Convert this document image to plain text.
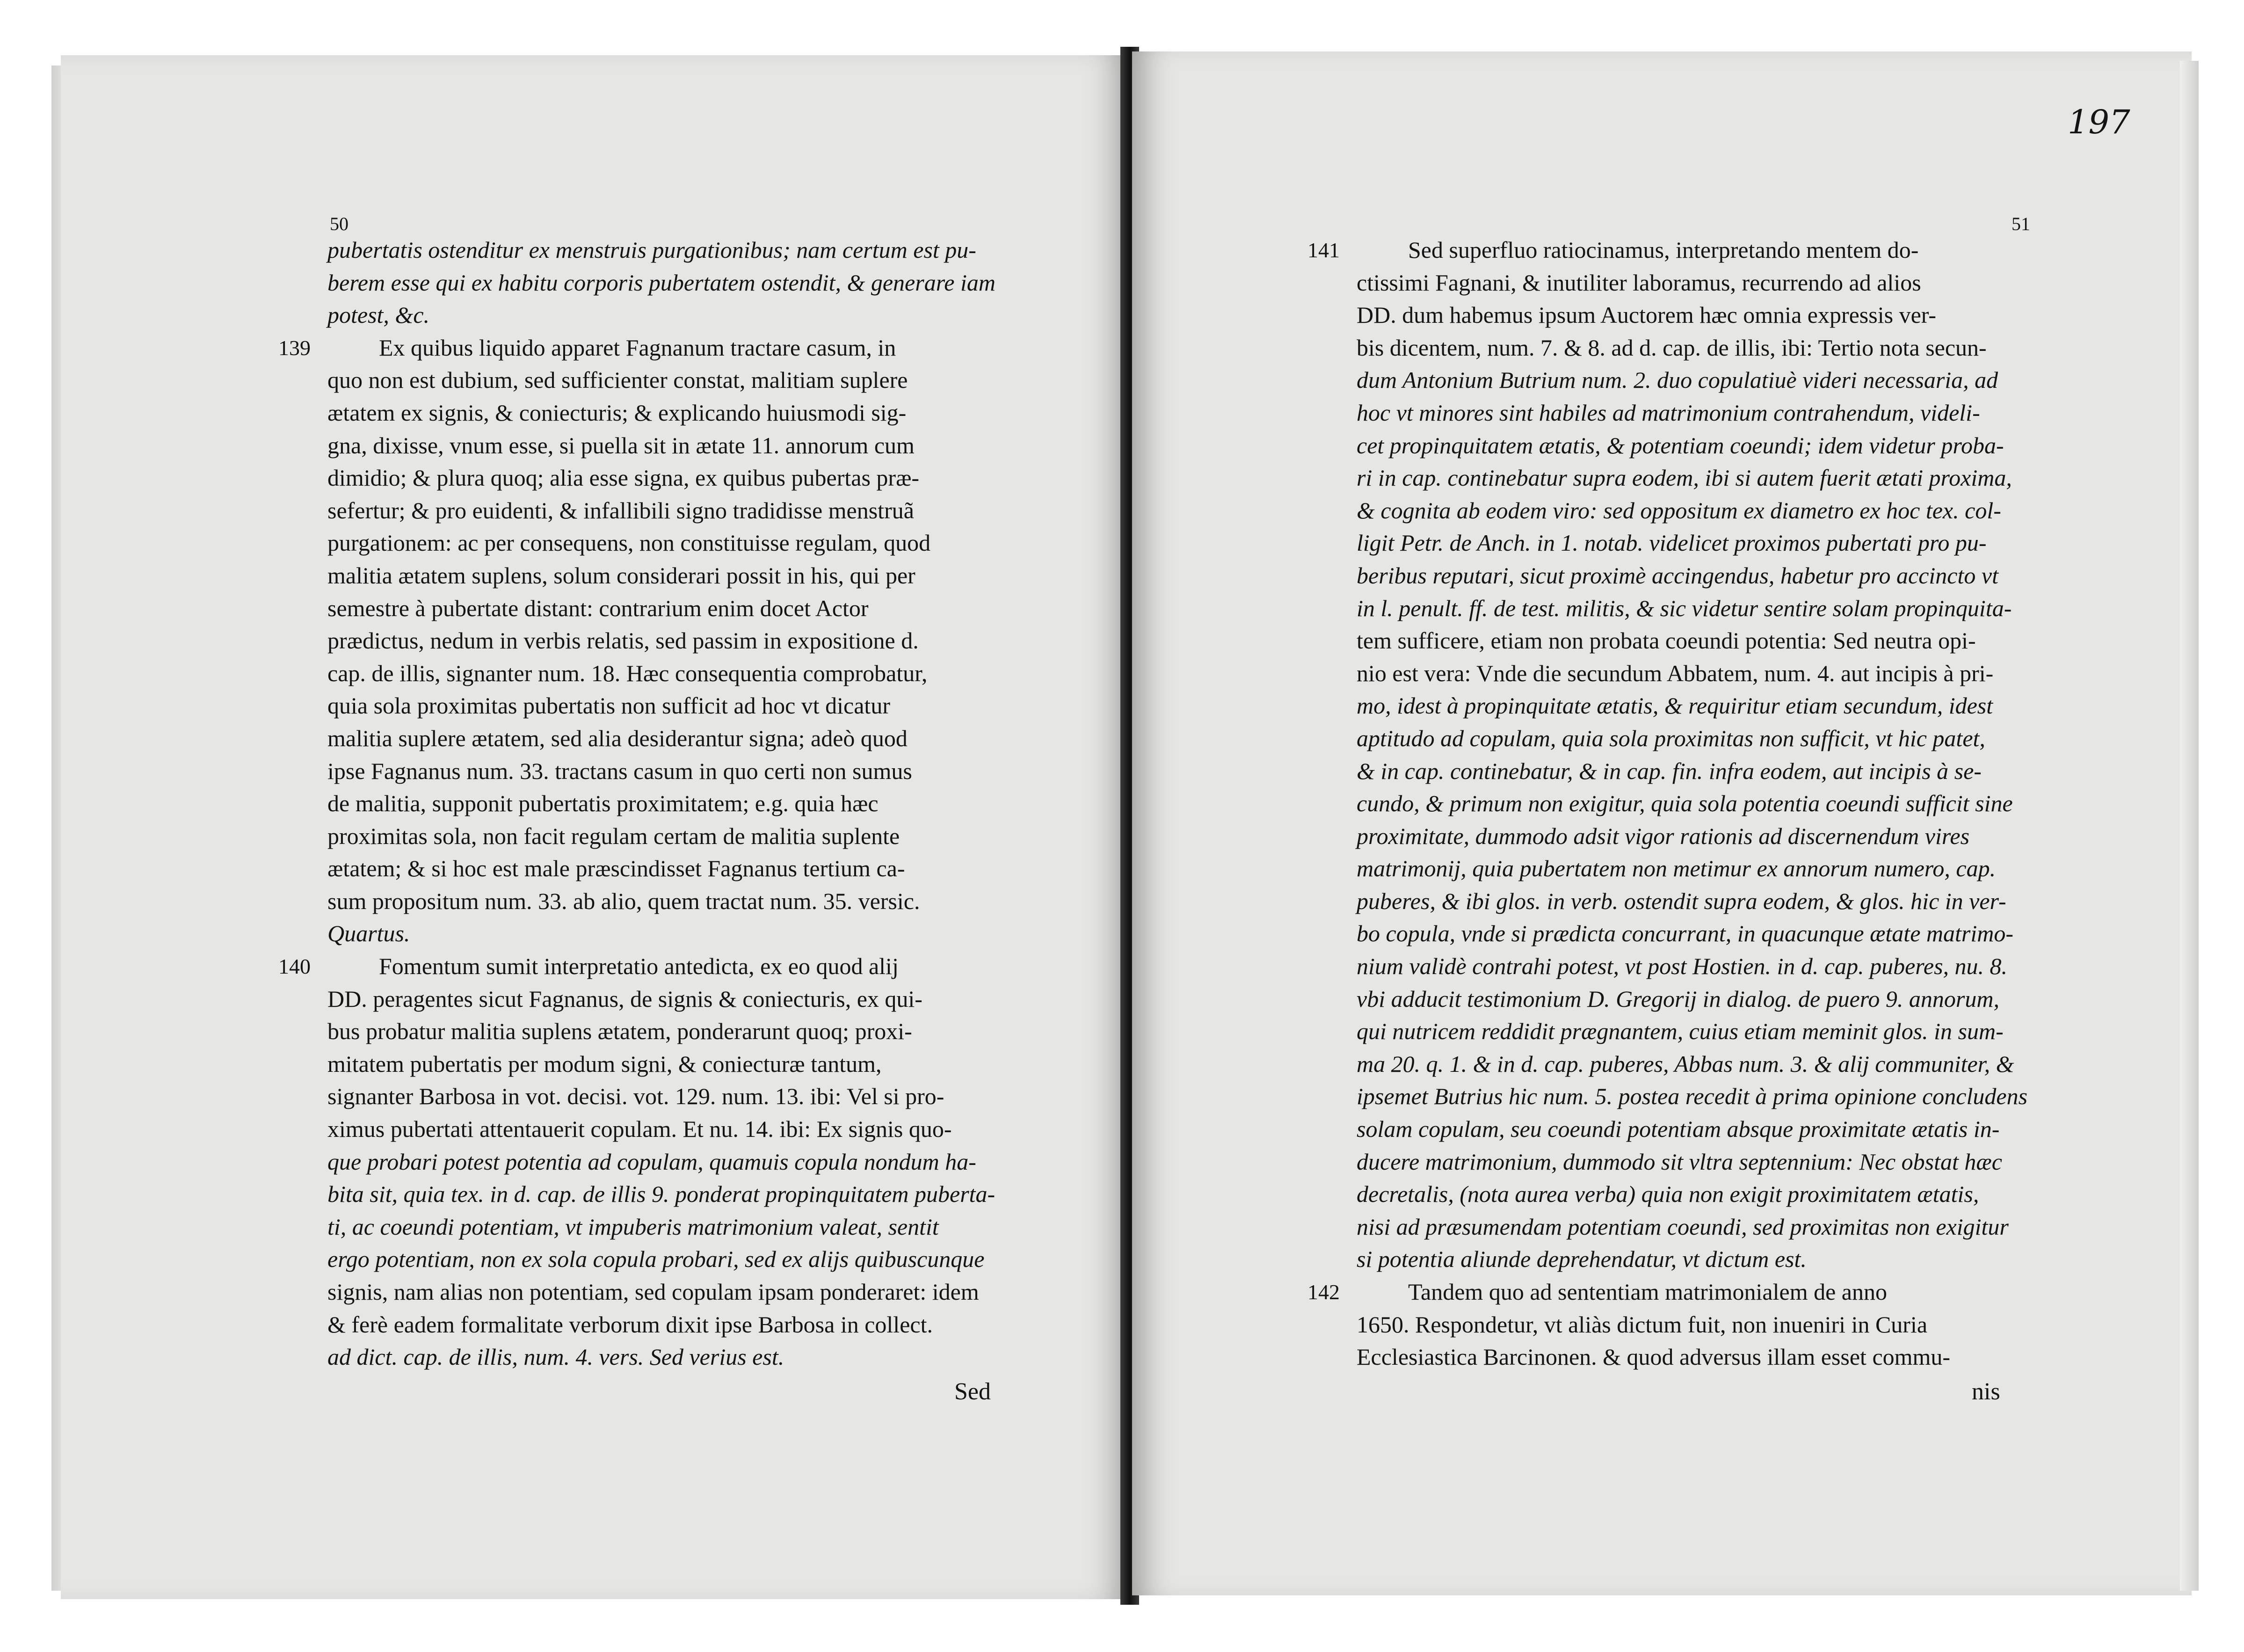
50	51
197
pubertatis ostenditur ex menstruis purgationibus; nam certum est pu-
berem esse qui ex habitu corporis pubertatem ostendit, & generare iam
potest, &c.
139	Ex quibus liquido apparet Fagnanum tractare casum, in
quo non est dubium, sed sufficienter constat, malitiam suplere
ætatem ex signis, & coniecturis; & explicando huiusmodi sig-
gna, dixisse, vnum esse, si puella sit in ætate 11. annorum cum
dimidio; & plura quoq; alia esse signa, ex quibus pubertas præ-
sefertur; & pro euidenti, & infallibili signo tradidisse menstruã
purgationem: ac per consequens, non constituisse regulam, quod
malitia ætatem suplens, solum considerari possit in his, qui per
semestre à pubertate distant: contrarium enim docet Actor
prædictus, nedum in verbis relatis, sed passim in expositione d.
cap. de illis, signanter num. 18. Hæc consequentia comprobatur,
quia sola proximitas pubertatis non sufficit ad hoc vt dicatur
malitia suplere ætatem, sed alia desiderantur signa; adeò quod
ipse Fagnanus num. 33. tractans casum in quo certi non sumus
de malitia, supponit pubertatis proximitatem; e.g. quia hæc
proximitas sola, non facit regulam certam de malitia suplente
ætatem; & si hoc est male præscindisset Fagnanus tertium ca-
sum propositum num. 33. ab alio, quem tractat num. 35. versic.
Quartus.
140	Fomentum sumit interpretatio antedicta, ex eo quod alij
DD. peragentes sicut Fagnanus, de signis & coniecturis, ex qui-
bus probatur malitia suplens ætatem, ponderarunt quoq; proxi-
mitatem pubertatis per modum signi, & coniecturæ tantum,
signanter Barbosa in vot. decisi. vot. 129. num. 13. ibi: Vel si pro-
ximus pubertati attentauerit copulam. Et nu. 14. ibi: Ex signis quo-
que probari potest potentia ad copulam, quamuis copula nondum ha-
bita sit, quia tex. in d. cap. de illis 9. ponderat propinquitatem puberta-
ti, ac coeundi potentiam, vt impuberis matrimonium valeat, sentit
ergo potentiam, non ex sola copula probari, sed ex alijs quibuscunque
signis, nam alias non potentiam, sed copulam ipsam ponderaret: idem
& ferè eadem formalitate verborum dixit ipse Barbosa in collect.
ad dict. cap. de illis, num. 4. vers. Sed verius est.
141	Sed superfluo ratiocinamus, interpretando mentem do-
ctissimi Fagnani, & inutiliter laboramus, recurrendo ad alios
DD. dum habemus ipsum Auctorem hæc omnia expressis ver-
bis dicentem, num. 7. & 8. ad d. cap. de illis, ibi: Tertio nota secun-
dum Antonium Butrium num. 2. duo copulatiuè videri necessaria, ad
hoc vt minores sint habiles ad matrimonium contrahendum, videli-
cet propinquitatem ætatis, & potentiam coeundi; idem videtur proba-
ri in cap. continebatur supra eodem, ibi si autem fuerit ætati proxima,
& cognita ab eodem viro: sed oppositum ex diametro ex hoc tex. col-
ligit Petr. de Anch. in 1. notab. videlicet proximos pubertati pro pu-
beribus reputari, sicut proximè accingendus, habetur pro accincto vt
in l. penult. ff. de test. militis, & sic videtur sentire solam propinquita-
tem sufficere, etiam non probata coeundi potentia: Sed neutra opi-
nio est vera: Vnde die secundum Abbatem, num. 4. aut incipis à pri-
mo, idest à propinquitate ætatis, & requiritur etiam secundum, idest
aptitudo ad copulam, quia sola proximitas non sufficit, vt hic patet,
& in cap. continebatur, & in cap. fin. infra eodem, aut incipis à se-
cundo, & primum non exigitur, quia sola potentia coeundi sufficit sine
proximitate, dummodo adsit vigor rationis ad discernendum vires
matrimonij, quia pubertatem non metimur ex annorum numero, cap.
puberes, & ibi glos. in verb. ostendit supra eodem, & glos. hic in ver-
bo copula, vnde si prædicta concurrant, in quacunque ætate matrimo-
nium validè contrahi potest, vt post Hostien. in d. cap. puberes, nu. 8.
vbi adducit testimonium D. Gregorij in dialog. de puero 9. annorum,
qui nutricem reddidit prægnantem, cuius etiam meminit glos. in sum-
ma 20. q. 1. & in d. cap. puberes, Abbas num. 3. & alij communiter, &
ipsemet Butrius hic num. 5. postea recedit à prima opinione concludens
solam copulam, seu coeundi potentiam absque proximitate ætatis in-
ducere matrimonium, dummodo sit vltra septennium: Nec obstat hæc
decretalis, (nota aurea verba) quia non exigit proximitatem ætatis,
nisi ad præsumendam potentiam coeundi, sed proximitas non exigitur
si potentia aliunde deprehendatur, vt dictum est.
142	Tandem quo ad sententiam matrimonialem de anno
1650. Respondetur, vt aliàs dictum fuit, non inueniri in Curia
Ecclesiastica Barcinonen. & quod adversus illam esset commu-
Sed	nis
